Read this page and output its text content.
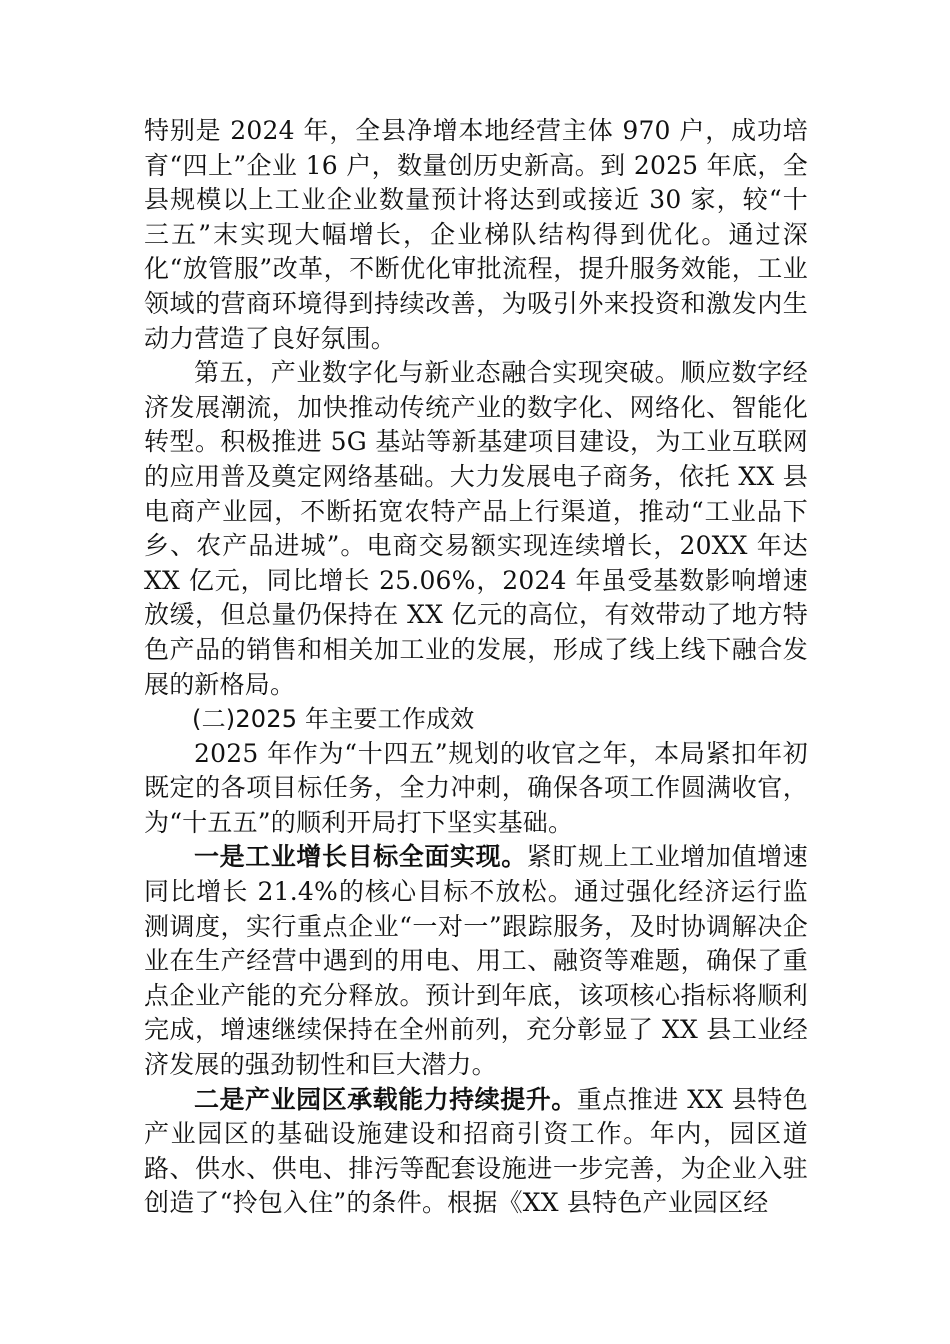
特别是 2024 年，全县净增本地经营主体 970 户，成功培育“四上”企业 16 户，数量创历史新高。到 2025 年底，全县规模以上工业企业数量预计将达到或接近 30 家，较“十三五”末实现大幅增长，企业梯队结构得到优化。通过深化“放管服”改革，不断优化审批流程，提升服务效能，工业领域的营商环境得到持续改善，为吸引外来投资和激发内生动力营造了良好氛围。

第五，产业数字化与新业态融合实现突破。顺应数字经济发展潮流，加快推动传统产业的数字化、网络化、智能化转型。积极推进 5G 基站等新基建项目建设，为工业互联网的应用普及奠定网络基础。大力发展电子商务，依托 XX 县电商产业园，不断拓宽农特产品上行渠道，推动“工业品下乡、农产品进城”。电商交易额实现连续增长，20XX 年达 XX 亿元，同比增长 25.06%，2024 年虽受基数影响增速放缓，但总量仍保持在 XX 亿元的高位，有效带动了地方特色产品的销售和相关加工业的发展，形成了线上线下融合发展的新格局。

(二)2025 年主要工作成效

2025 年作为“十四五”规划的收官之年，本局紧扣年初既定的各项目标任务，全力冲刺，确保各项工作圆满收官，为“十五五”的顺利开局打下坚实基础。

一是工业增长目标全面实现。紧盯规上工业增加值增速同比增长 21.4%的核心目标不放松。通过强化经济运行监测调度，实行重点企业“一对一”跟踪服务，及时协调解决企业在生产经营中遇到的用电、用工、融资等难题，确保了重点企业产能的充分释放。预计到年底，该项核心指标将顺利完成，增速继续保持在全州前列，充分彰显了 XX 县工业经济发展的强劲韧性和巨大潜力。

二是产业园区承载能力持续提升。重点推进 XX 县特色产业园区的基础设施建设和招商引资工作。年内，园区道路、供水、供电、排污等配套设施进一步完善，为企业入驻创造了“拎包入住”的条件。根据《XX 县特色产业园区经
